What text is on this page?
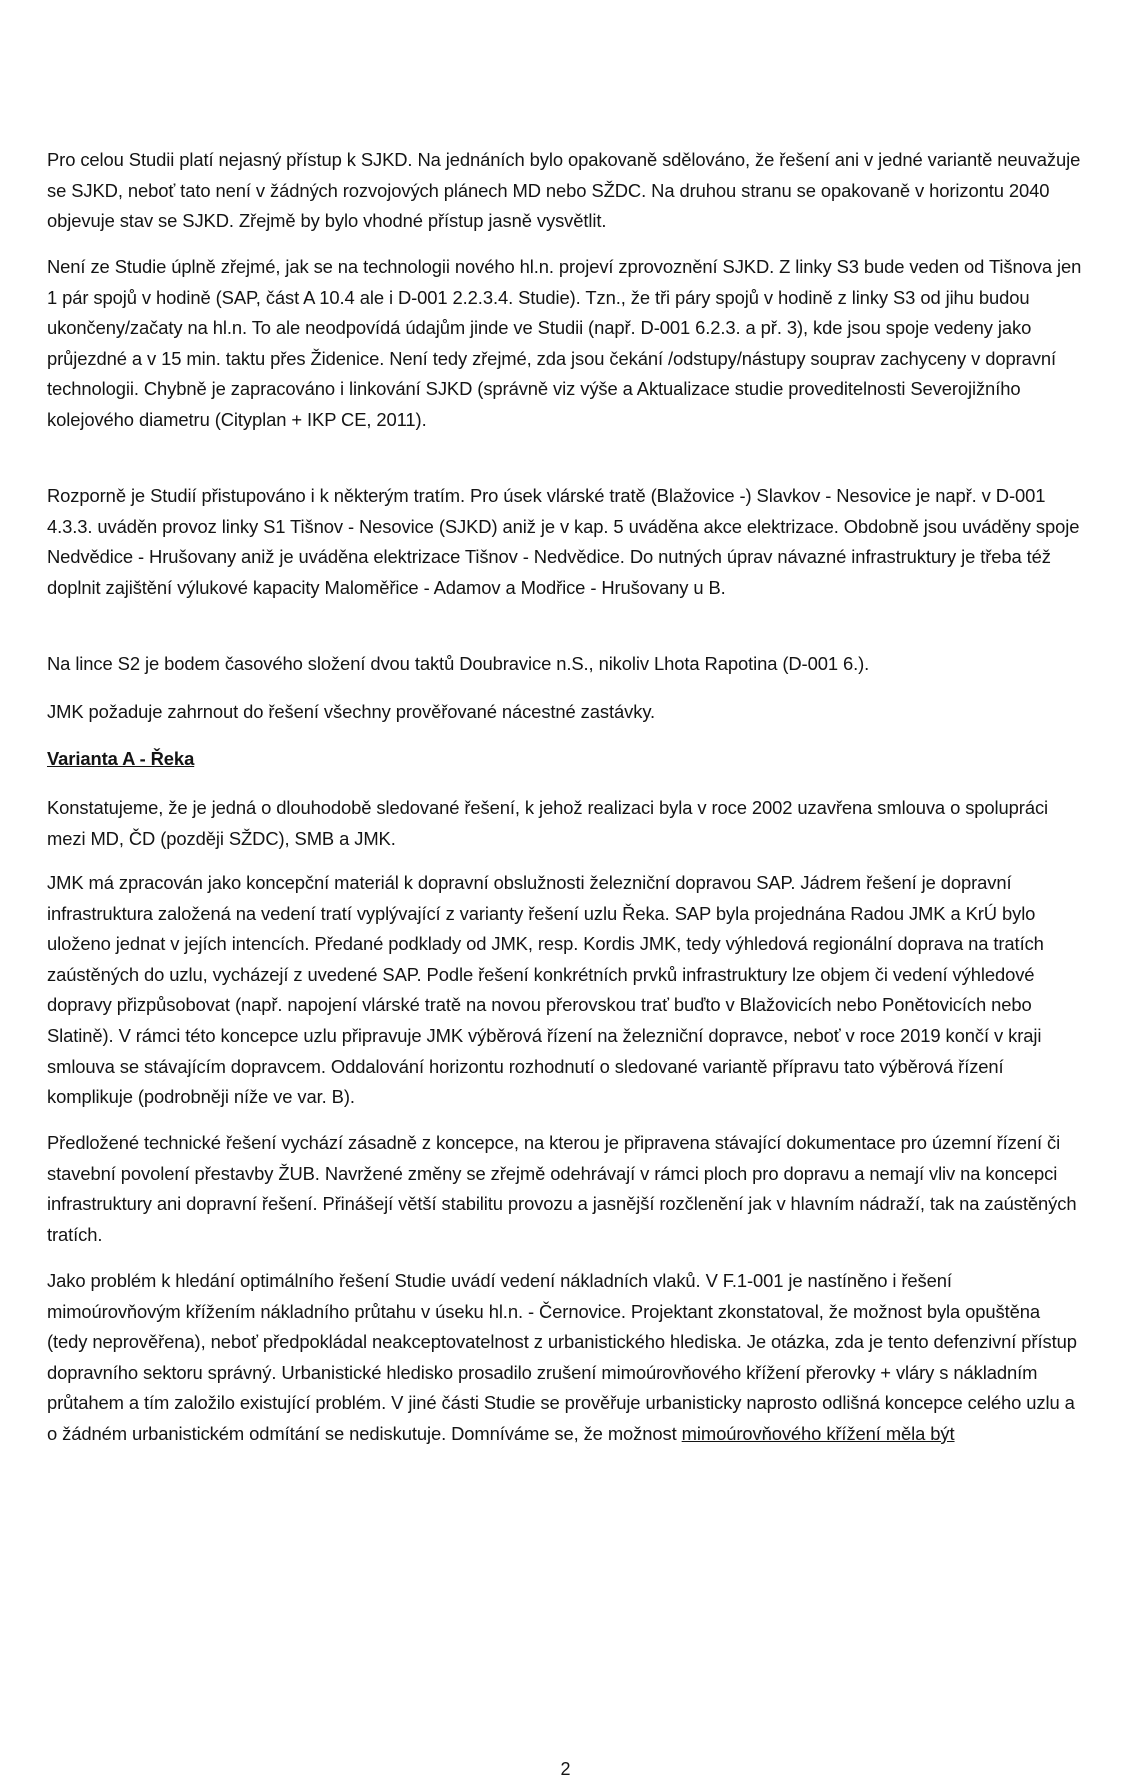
Pro celou Studii platí nejasný přístup k SJKD. Na jednáních bylo opakovaně sdělováno, že řešení ani v jedné variantě neuvažuje se SJKD, neboť tato není v žádných rozvojových plánech MD nebo SŽDC. Na druhou stranu se opakovaně v horizontu 2040 objevuje stav se SJKD. Zřejmě by bylo vhodné přístup jasně vysvětlit.

Není ze Studie úplně zřejmé, jak se na technologii nového hl.n. projeví zprovoznění SJKD. Z linky S3 bude veden od Tišnova jen 1 pár spojů v hodině (SAP, část A 10.4 ale i D-001 2.2.3.4. Studie). Tzn., že tři páry spojů v hodině z linky S3 od jihu budou ukončeny/začaty na hl.n. To ale neodpovídá údajům jinde ve Studii (např. D-001 6.2.3. a př. 3), kde jsou spoje vedeny jako průjezdné a v 15 min. taktu přes Židenice. Není tedy zřejmé, zda jsou čekání /odstupy/nástupy souprav zachyceny v dopravní technologii. Chybně je zapracováno i linkování SJKD (správně viz výše a Aktualizace studie proveditelnosti Severojižního kolejového diametru (Cityplan + IKP CE, 2011).

Rozporně je Studií přistupováno i k některým tratím. Pro úsek vlárské tratě (Blažovice -) Slavkov - Nesovice je např. v D-001 4.3.3. uváděn provoz linky S1 Tišnov - Nesovice (SJKD) aniž je v kap. 5 uváděna akce elektrizace. Obdobně jsou uváděny spoje Nedvědice - Hrušovany aniž je uváděna elektrizace Tišnov - Nedvědice. Do nutných úprav návazné infrastruktury je třeba též doplnit zajištění výlukové kapacity Maloměřice - Adamov a Modřice - Hrušovany u B.

Na lince S2 je bodem časového složení dvou taktů Doubravice n.S., nikoliv Lhota Rapotina (D-001 6.).

JMK požaduje zahrnout do řešení všechny prověřované nácestné zastávky.

Varianta A - Řeka

Konstatujeme, že je jedná o dlouhodobě sledované řešení, k jehož realizaci byla v roce 2002 uzavřena smlouva o spolupráci mezi MD, ČD (později SŽDC), SMB a JMK.

JMK má zpracován jako koncepční materiál k dopravní obslužnosti železniční dopravou SAP. Jádrem řešení je dopravní infrastruktura založená na vedení tratí vyplývající z varianty řešení uzlu Řeka. SAP byla projednána Radou JMK a KrÚ bylo uloženo jednat v jejích intencích. Předané podklady od JMK, resp. Kordis JMK, tedy výhledová regionální doprava na tratích zaústěných do uzlu, vycházejí z uvedené SAP. Podle řešení konkrétních prvků infrastruktury lze objem či vedení výhledové dopravy přizpůsobovat (např. napojení vlárské tratě na novou přerovskou trať buďto v Blažovicích nebo Ponětovicích nebo Slatině). V rámci této koncepce uzlu připravuje JMK výběrová řízení na železniční dopravce, neboť v roce 2019 končí v kraji smlouva se stávajícím dopravcem. Oddalování horizontu rozhodnutí o sledované variantě přípravu tato výběrová řízení komplikuje (podrobněji níže ve var. B).

Předložené technické řešení vychází zásadně z koncepce, na kterou je připravena stávající dokumentace pro územní řízení či stavební povolení přestavby ŽUB. Navržené změny se zřejmě odehrávají v rámci ploch pro dopravu a nemají vliv na koncepci infrastruktury ani dopravní řešení. Přinášejí větší stabilitu provozu a jasnější rozčlenění jak v hlavním nádraží, tak na zaústěných tratích.

Jako problém k hledání optimálního řešení Studie uvádí vedení nákladních vlaků. V F.1-001 je nastíněno i řešení mimoúrovňovým křížením nákladního průtahu v úseku hl.n. - Černovice. Projektant zkonstatoval, že možnost byla opuštěna (tedy neprověřena), neboť předpokládal neakceptovatelnost z urbanistického hlediska. Je otázka, zda je tento defenzivní přístup dopravního sektoru správný. Urbanistické hledisko prosadilo zrušení mimoúrovňového křížení přerovky + vláry s nákladním průtahem a tím založilo existující problém. V jiné části Studie se prověřuje urbanisticky naprosto odlišná koncepce celého uzlu a o žádném urbanistickém odmítání se nediskutuje. Domníváme se, že možnost mimoúrovňového křížení měla být

2
